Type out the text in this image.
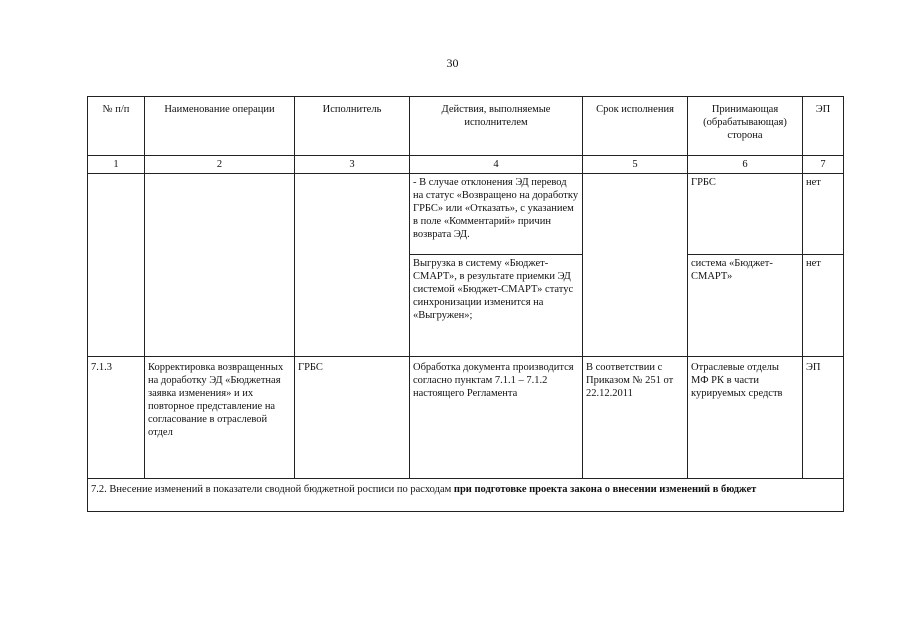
30
№ п/п	Наименование операции	Исполнитель	Действия, выполняемые исполнителем	Срок исполнения	Принимающая (обрабатывающая) сторона	ЭП
1	2	3	4	5	6	7
			- В случае отклонения ЭД перевод на статус «Возвращено на доработку ГРБС» или «Отказать», с указанием в поле «Комментарий» причин возврата ЭД.		ГРБС	нет
			Выгрузка в систему «Бюджет-СМАРТ», в результате приемки ЭД системой «Бюджет-СМАРТ» статус синхронизации изменится на «Выгружен»;		система «Бюджет-СМАРТ»	нет
7.1.3	Корректировка возвращенных на доработку ЭД «Бюджетная заявка изменения» и их повторное представление на согласование в отраслевой отдел	ГРБС	Обработка документа производится согласно пунктам 7.1.1 – 7.1.2 настоящего Регламента	В соответствии с Приказом № 251 от 22.12.2011	Отраслевые отделы МФ РК в части курируемых средств	ЭП
7.2. Внесение изменений в показатели сводной бюджетной росписи по расходам при подготовке проекта закона о внесении изменений в бюджет						
